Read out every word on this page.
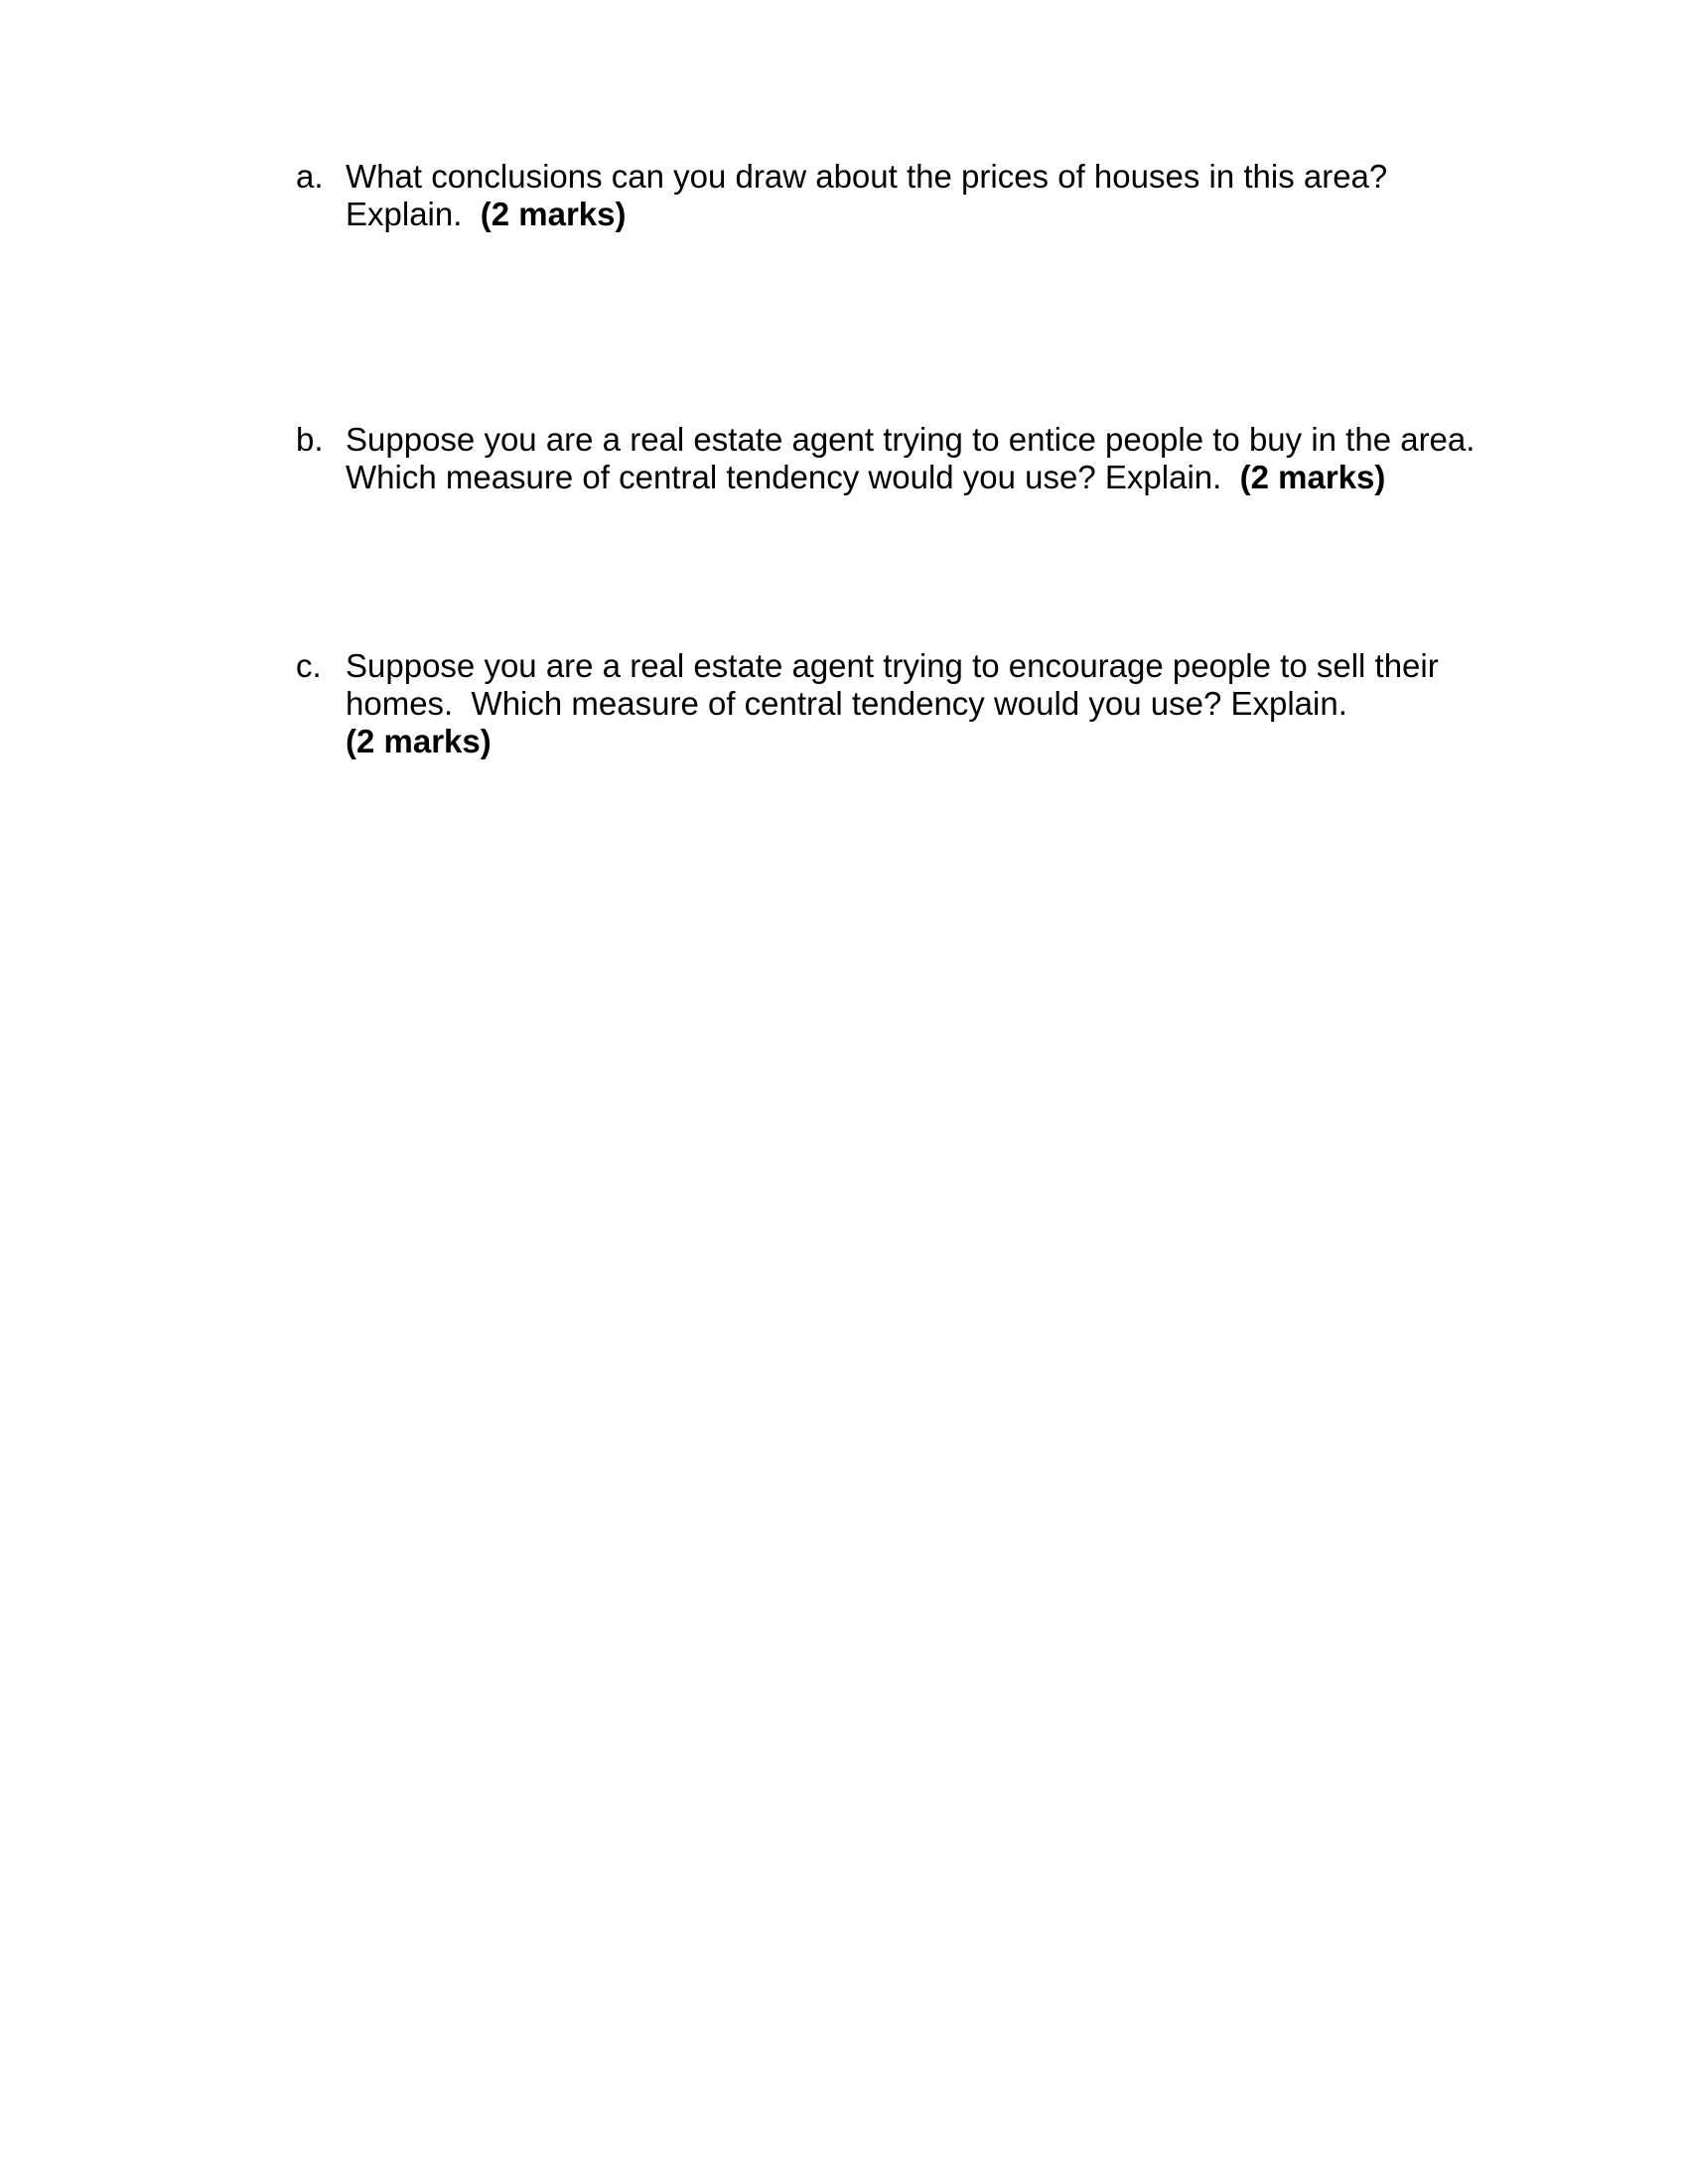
a. What conclusions can you draw about the prices of houses in this area?
Explain.  (2 marks)
b. Suppose you are a real estate agent trying to entice people to buy in the area.
Which measure of central tendency would you use? Explain.  (2 marks)
c. Suppose you are a real estate agent trying to encourage people to sell their
homes.  Which measure of central tendency would you use? Explain.
(2 marks)
